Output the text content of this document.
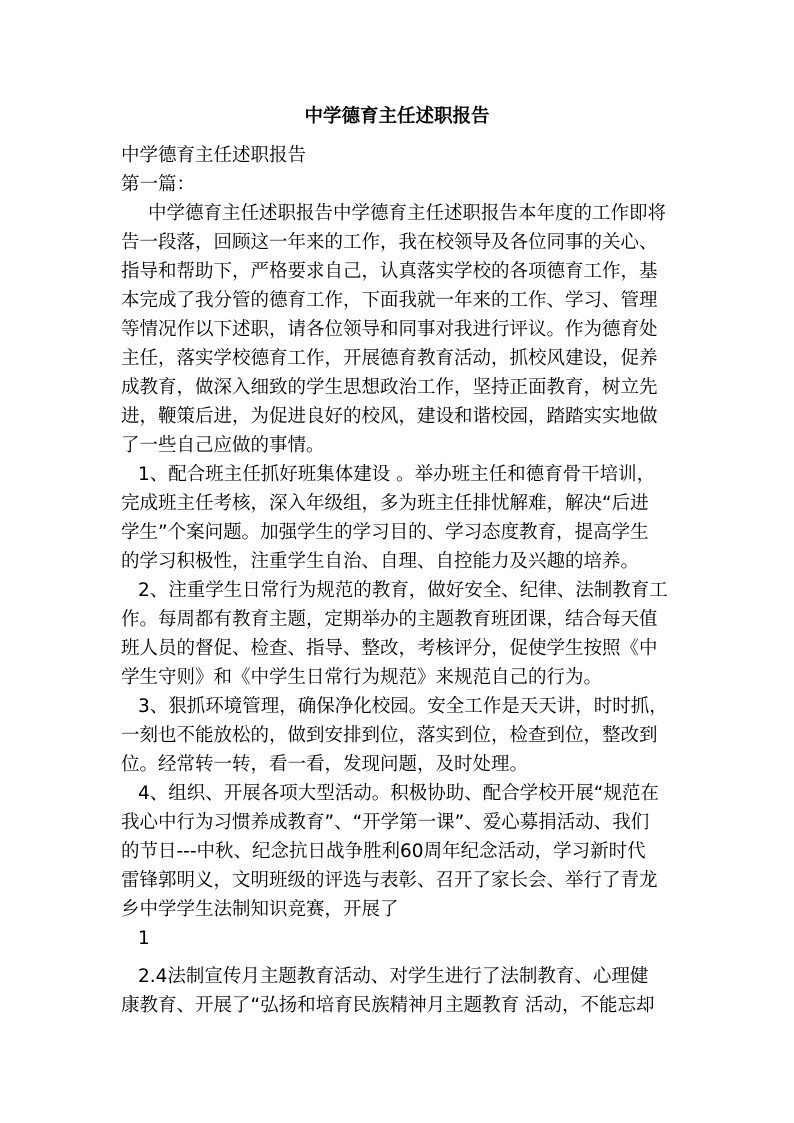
中学德育主任述职报告
中学德育主任述职报告
第一篇：
中学德育主任述职报告中学德育主任述职报告本年度的工作即将
告一段落，回顾这一年来的工作，我在校领导及各位同事的关心、
指导和帮助下，严格要求自己，认真落实学校的各项德育工作，基
本完成了我分管的德育工作，下面我就一年来的工作、学习、管理
等情况作以下述职，请各位领导和同事对我进行评议。作为德育处
主任，落实学校德育工作，开展德育教育活动，抓校风建设，促养
成教育，做深入细致的学生思想政治工作，坚持正面教育，树立先
进，鞭策后进，为促进良好的校风，建设和谐校园，踏踏实实地做
了一些自己应做的事情。
1、配合班主任抓好班集体建设 。举办班主任和德育骨干培训，
完成班主任考核，深入年级组，多为班主任排忧解难，解决“后进
学生”个案问题。加强学生的学习目的、学习态度教育，提高学生
的学习积极性，注重学生自治、自理、自控能力及兴趣的培养。
2、注重学生日常行为规范的教育，做好安全、纪律、法制教育工
作。每周都有教育主题，定期举办的主题教育班团课，结合每天值
班人员的督促、检查、指导、整改，考核评分，促使学生按照《中
学生守则》和《中学生日常行为规范》来规范自己的行为。
3、狠抓环境管理，确保净化校园。安全工作是天天讲，时时抓，
一刻也不能放松的，做到安排到位，落实到位，检查到位，整改到
位。经常转一转，看一看，发现问题，及时处理。
4、组织、开展各项大型活动。积极协助、配合学校开展“规范在
我心中行为习惯养成教育”、“开学第一课”、爱心募捐活动、我们
的节日---中秋、纪念抗日战争胜利60周年纪念活动，学习新时代
雷锋郭明义，文明班级的评选与表彰、召开了家长会、举行了青龙
乡中学学生法制知识竞赛，开展了
1
2.4法制宣传月主题教育活动、对学生进行了法制教育、心理健
康教育、开展了“弘扬和培育民族精神月主题教育 活动，不能忘却
